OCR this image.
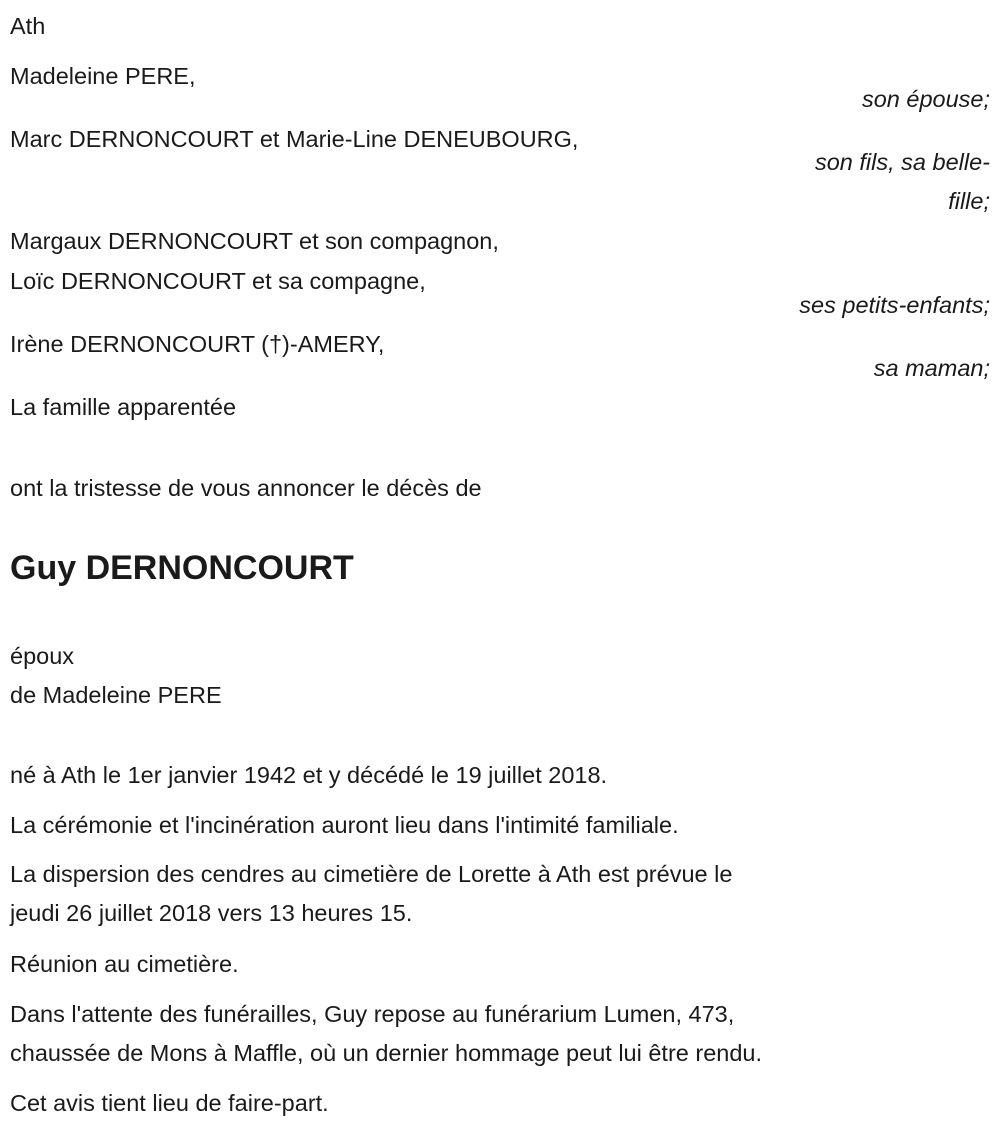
Ath
Madeleine PERE,
son épouse;
Marc DERNONCOURT et Marie-Line DENEUBOURG,
son fils, sa belle-
fille;
Margaux DERNONCOURT et son compagnon,
Loïc DERNONCOURT et sa compagne,
ses petits-enfants;
Irène DERNONCOURT (†)-AMERY,
sa maman;
La famille apparentée
ont la tristesse de vous annoncer le décès de
Guy DERNONCOURT
époux
de Madeleine PERE
né à Ath le 1er janvier 1942 et y décédé le 19 juillet 2018.
La cérémonie et l'incinération auront lieu dans l'intimité familiale.
La dispersion des cendres au cimetière de Lorette à Ath est prévue le
jeudi 26 juillet 2018 vers 13 heures 15.
Réunion au cimetière.
Dans l'attente des funérailles, Guy repose au funérarium Lumen, 473,
chaussée de Mons à Maffle, où un dernier hommage peut lui être rendu.
Cet avis tient lieu de faire-part.
